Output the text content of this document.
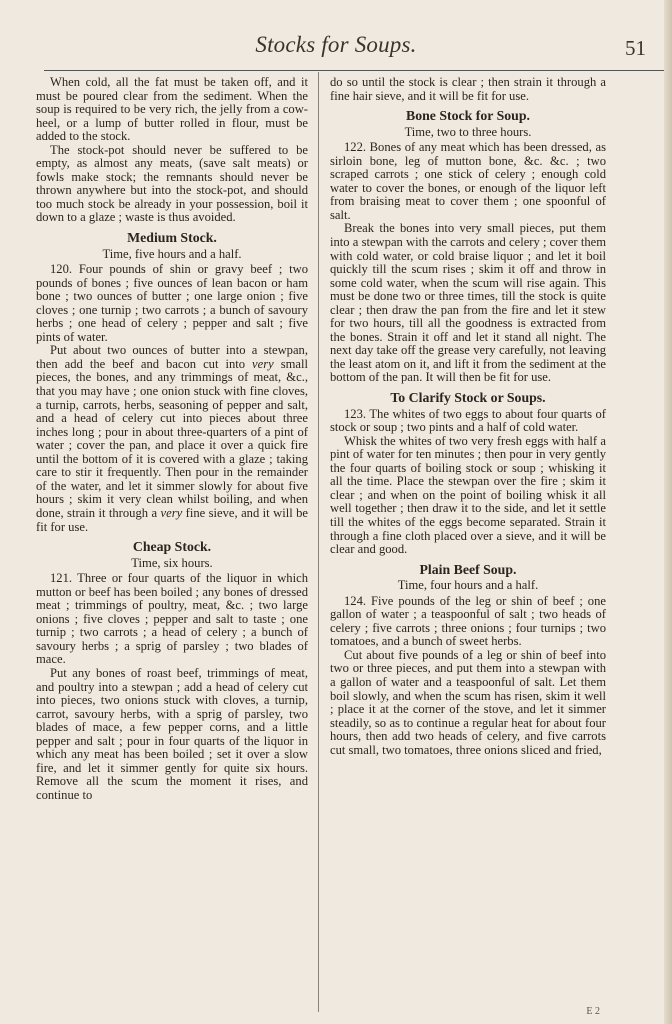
Stocks for Soups.	51

When cold, all the fat must be taken off, and it must be poured clear from the sediment. When the soup is required to be very rich, the jelly from a cow-heel, or a lump of butter rolled in flour, must be added to the stock.

The stock-pot should never be suffered to be empty, as almost any meats, (save salt meats) or fowls make stock; the remnants should never be thrown anywhere but into the stock-pot, and should too much stock be already in your possession, boil it down to a glaze ; waste is thus avoided.

Medium Stock.

Time, five hours and a half.

120. Four pounds of shin or gravy beef ; two pounds of bones ; five ounces of lean bacon or ham bone ; two ounces of butter ; one large onion ; five cloves ; one turnip ; two carrots ; a bunch of savoury herbs ; one head of celery ; pepper and salt ; five pints of water.

Put about two ounces of butter into a stewpan, then add the beef and bacon cut into very small pieces, the bones, and any trimmings of meat, &c., that you may have ; one onion stuck with fine cloves, a turnip, carrots, herbs, seasoning of pepper and salt, and a head of celery cut into pieces about three inches long ; pour in about three-quarters of a pint of water ; cover the pan, and place it over a quick fire until the bottom of it is covered with a glaze ; taking care to stir it frequently. Then pour in the remainder of the water, and let it simmer slowly for about five hours ; skim it very clean whilst boiling, and when done, strain it through a very fine sieve, and it will be fit for use.

Cheap Stock.

Time, six hours.

121. Three or four quarts of the liquor in which mutton or beef has been boiled ; any bones of dressed meat ; trimmings of poultry, meat, &c. ; two large onions ; five cloves ; pepper and salt to taste ; one turnip ; two carrots ; a head of celery ; a bunch of savoury herbs ; a sprig of parsley ; two blades of mace.

Put any bones of roast beef, trimmings of meat, and poultry into a stewpan ; add a head of celery cut into pieces, two onions stuck with cloves, a turnip, carrot, savoury herbs, with a sprig of parsley, two blades of mace, a few pepper corns, and a little pepper and salt ; pour in four quarts of the liquor in which any meat has been boiled ; set it over a slow fire, and let it simmer gently for quite six hours. Remove all the scum the moment it rises, and continue to

do so until the stock is clear ; then strain it through a fine hair sieve, and it will be fit for use.

Bone Stock for Soup.

Time, two to three hours.

122. Bones of any meat which has been dressed, as sirloin bone, leg of mutton bone, &c. &c. ; two scraped carrots ; one stick of celery ; enough cold water to cover the bones, or enough of the liquor left from braising meat to cover them ; one spoonful of salt.

Break the bones into very small pieces, put them into a stewpan with the carrots and celery ; cover them with cold water, or cold braise liquor ; and let it boil quickly till the scum rises ; skim it off and throw in some cold water, when the scum will rise again. This must be done two or three times, till the stock is quite clear ; then draw the pan from the fire and let it stew for two hours, till all the goodness is extracted from the bones. Strain it off and let it stand all night. The next day take off the grease very carefully, not leaving the least atom on it, and lift it from the sediment at the bottom of the pan. It will then be fit for use.

To Clarify Stock or Soups.

123. The whites of two eggs to about four quarts of stock or soup ; two pints and a half of cold water.

Whisk the whites of two very fresh eggs with half a pint of water for ten minutes ; then pour in very gently the four quarts of boiling stock or soup ; whisking it all the time. Place the stewpan over the fire ; skim it clear ; and when on the point of boiling whisk it all well together ; then draw it to the side, and let it settle till the whites of the eggs become separated. Strain it through a fine cloth placed over a sieve, and it will be clear and good.

Plain Beef Soup.

Time, four hours and a half.

124. Five pounds of the leg or shin of beef ; one gallon of water ; a teaspoonful of salt ; two heads of celery ; five carrots ; three onions ; four turnips ; two tomatoes, and a bunch of sweet herbs.

Cut about five pounds of a leg or shin of beef into two or three pieces, and put them into a stewpan with a gallon of water and a teaspoonful of salt. Let them boil slowly, and when the scum has risen, skim it well ; place it at the corner of the stove, and let it simmer steadily, so as to continue a regular heat for about four hours, then add two heads of celery, and five carrots cut small, two tomatoes, three onions sliced and fried,

E 2
